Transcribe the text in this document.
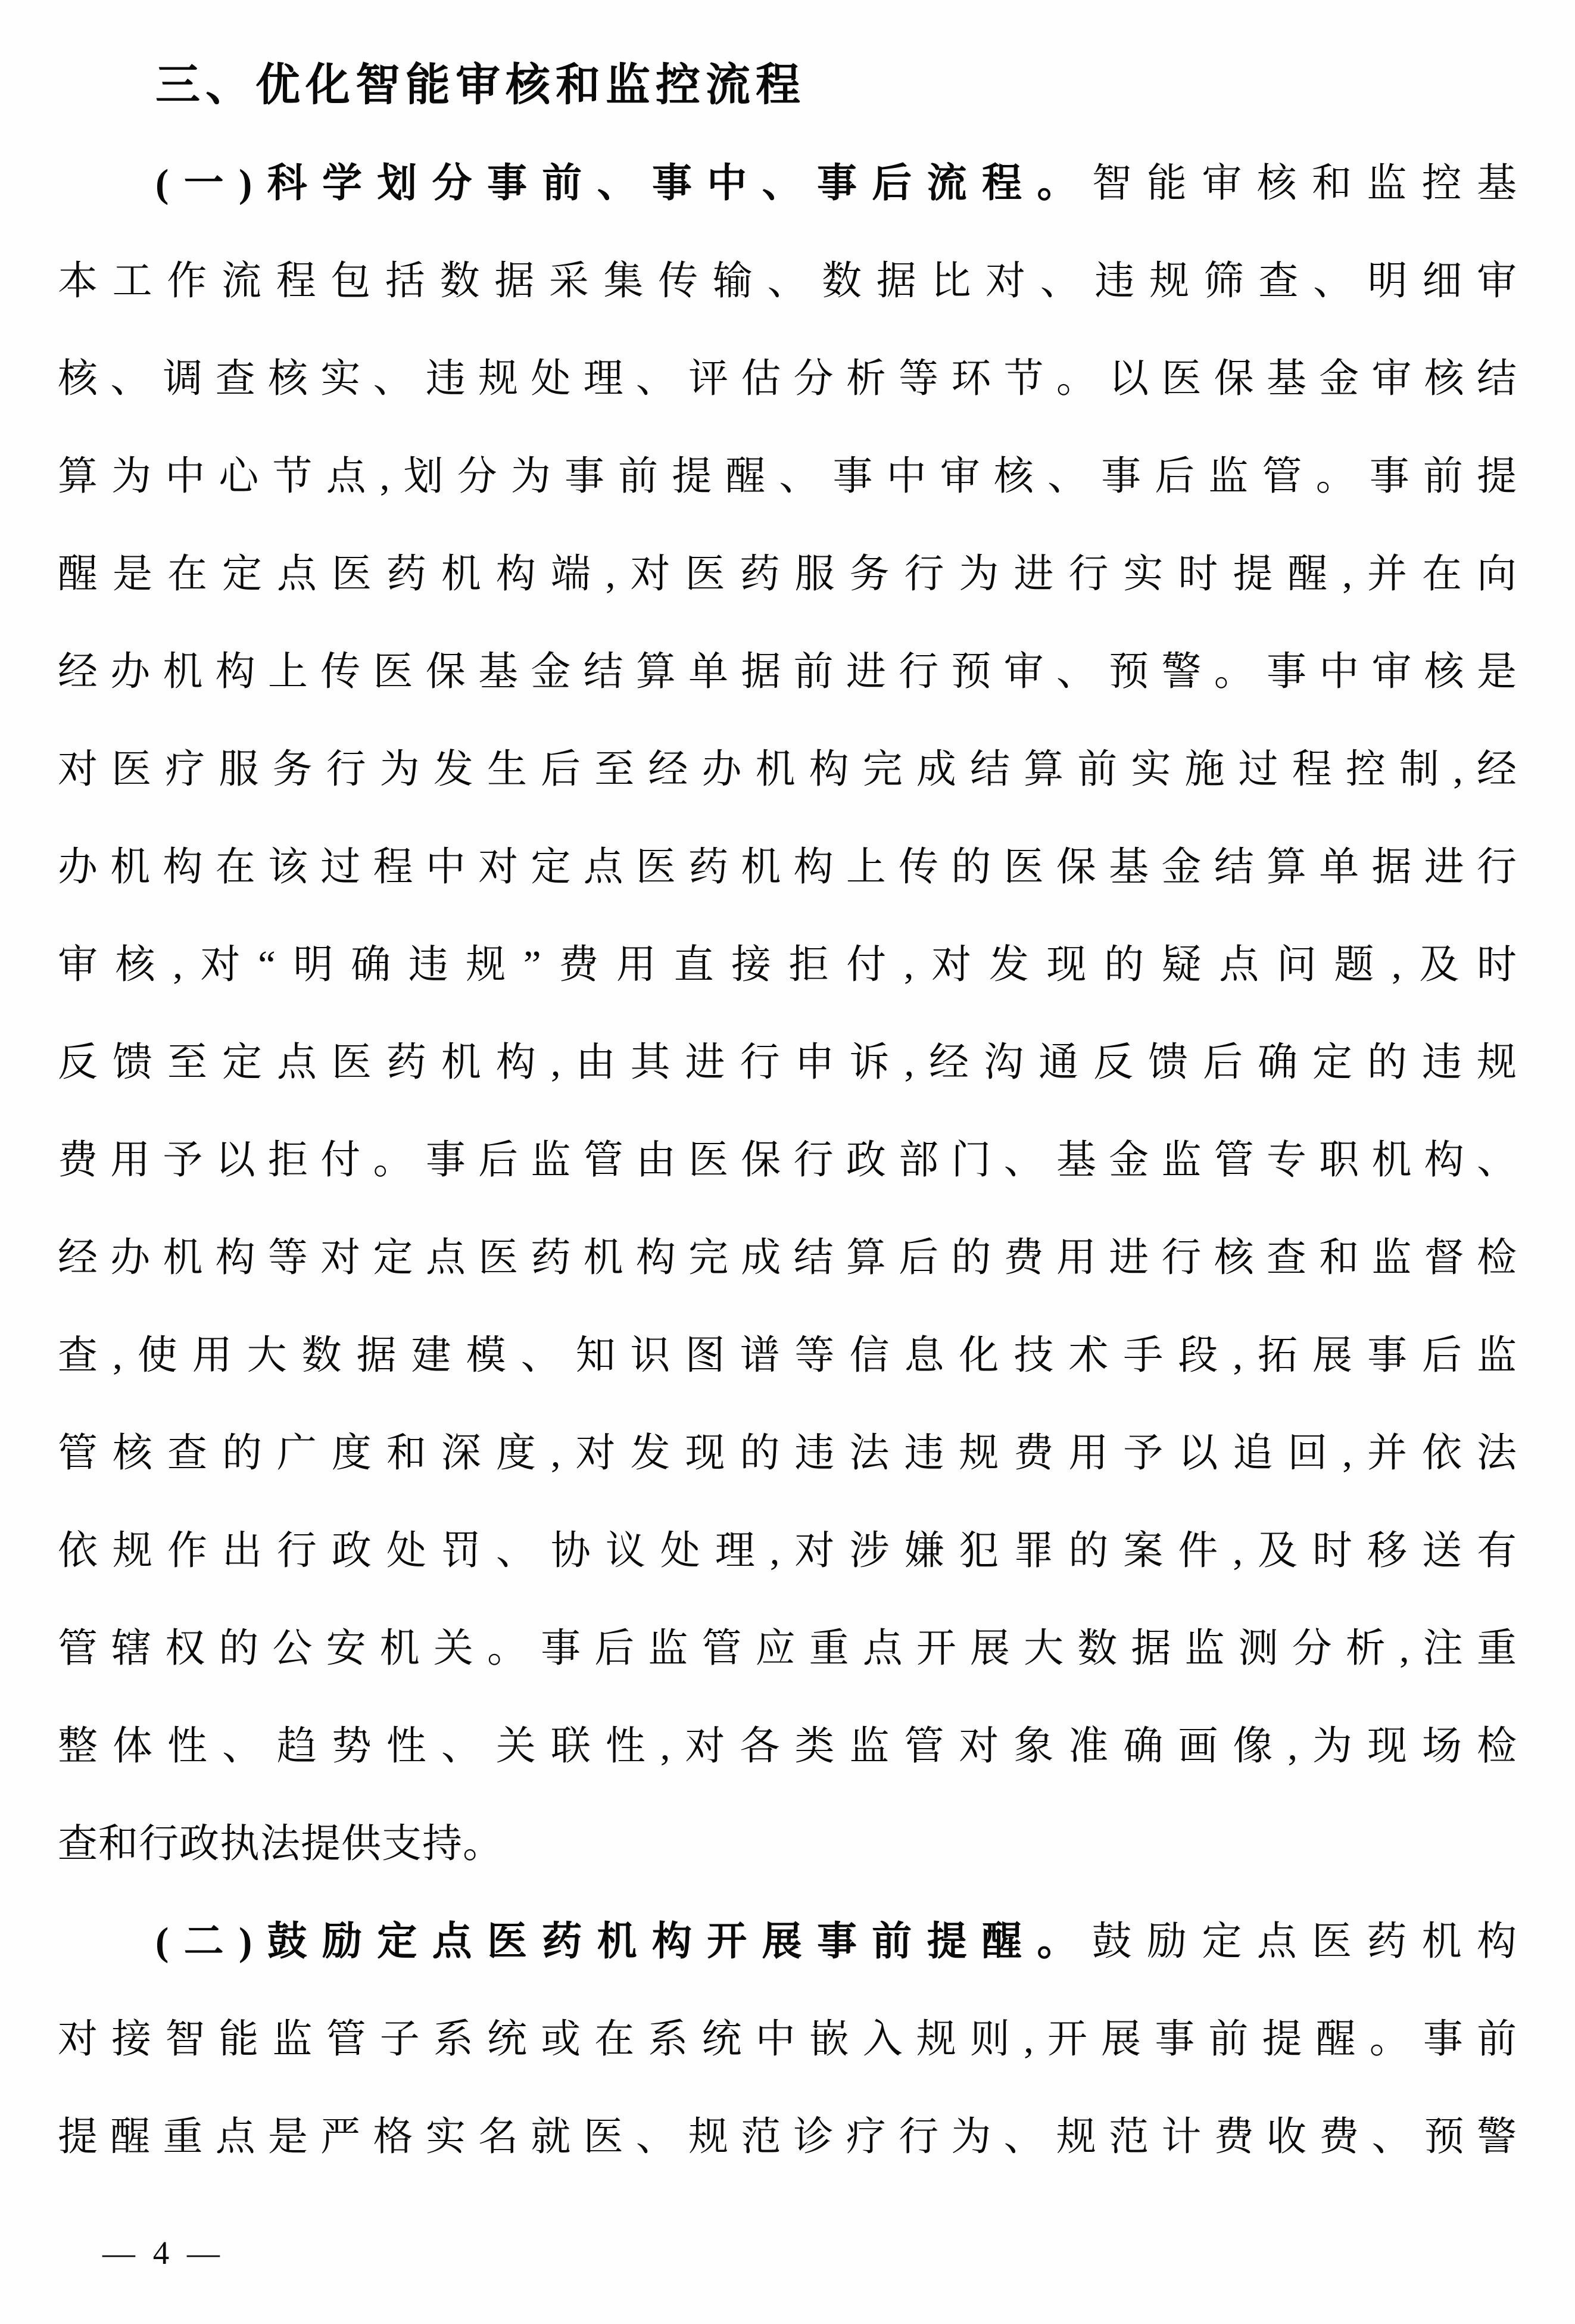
三、优化智能审核和监控流程
(一)科学划分事前、事中、事后流程。智能审核和监控基
本工作流程包括数据采集传输、数据比对、违规筛查、明细审
核、调查核实、违规处理、评估分析等环节。以医保基金审核结
算为中心节点,划分为事前提醒、事中审核、事后监管。事前提
醒是在定点医药机构端,对医药服务行为进行实时提醒,并在向
经办机构上传医保基金结算单据前进行预审、预警。事中审核是
对医疗服务行为发生后至经办机构完成结算前实施过程控制,经
办机构在该过程中对定点医药机构上传的医保基金结算单据进行
审核,对“明确违规”费用直接拒付,对发现的疑点问题,及时
反馈至定点医药机构,由其进行申诉,经沟通反馈后确定的违规
费用予以拒付。事后监管由医保行政部门、基金监管专职机构、
经办机构等对定点医药机构完成结算后的费用进行核查和监督检
查,使用大数据建模、知识图谱等信息化技术手段,拓展事后监
管核查的广度和深度,对发现的违法违规费用予以追回,并依法
依规作出行政处罚、协议处理,对涉嫌犯罪的案件,及时移送有
管辖权的公安机关。事后监管应重点开展大数据监测分析,注重
整体性、趋势性、关联性,对各类监管对象准确画像,为现场检
查和行政执法提供支持。
(二)鼓励定点医药机构开展事前提醒。鼓励定点医药机构
对接智能监管子系统或在系统中嵌入规则,开展事前提醒。事前
提醒重点是严格实名就医、规范诊疗行为、规范计费收费、预警
— 4 —
